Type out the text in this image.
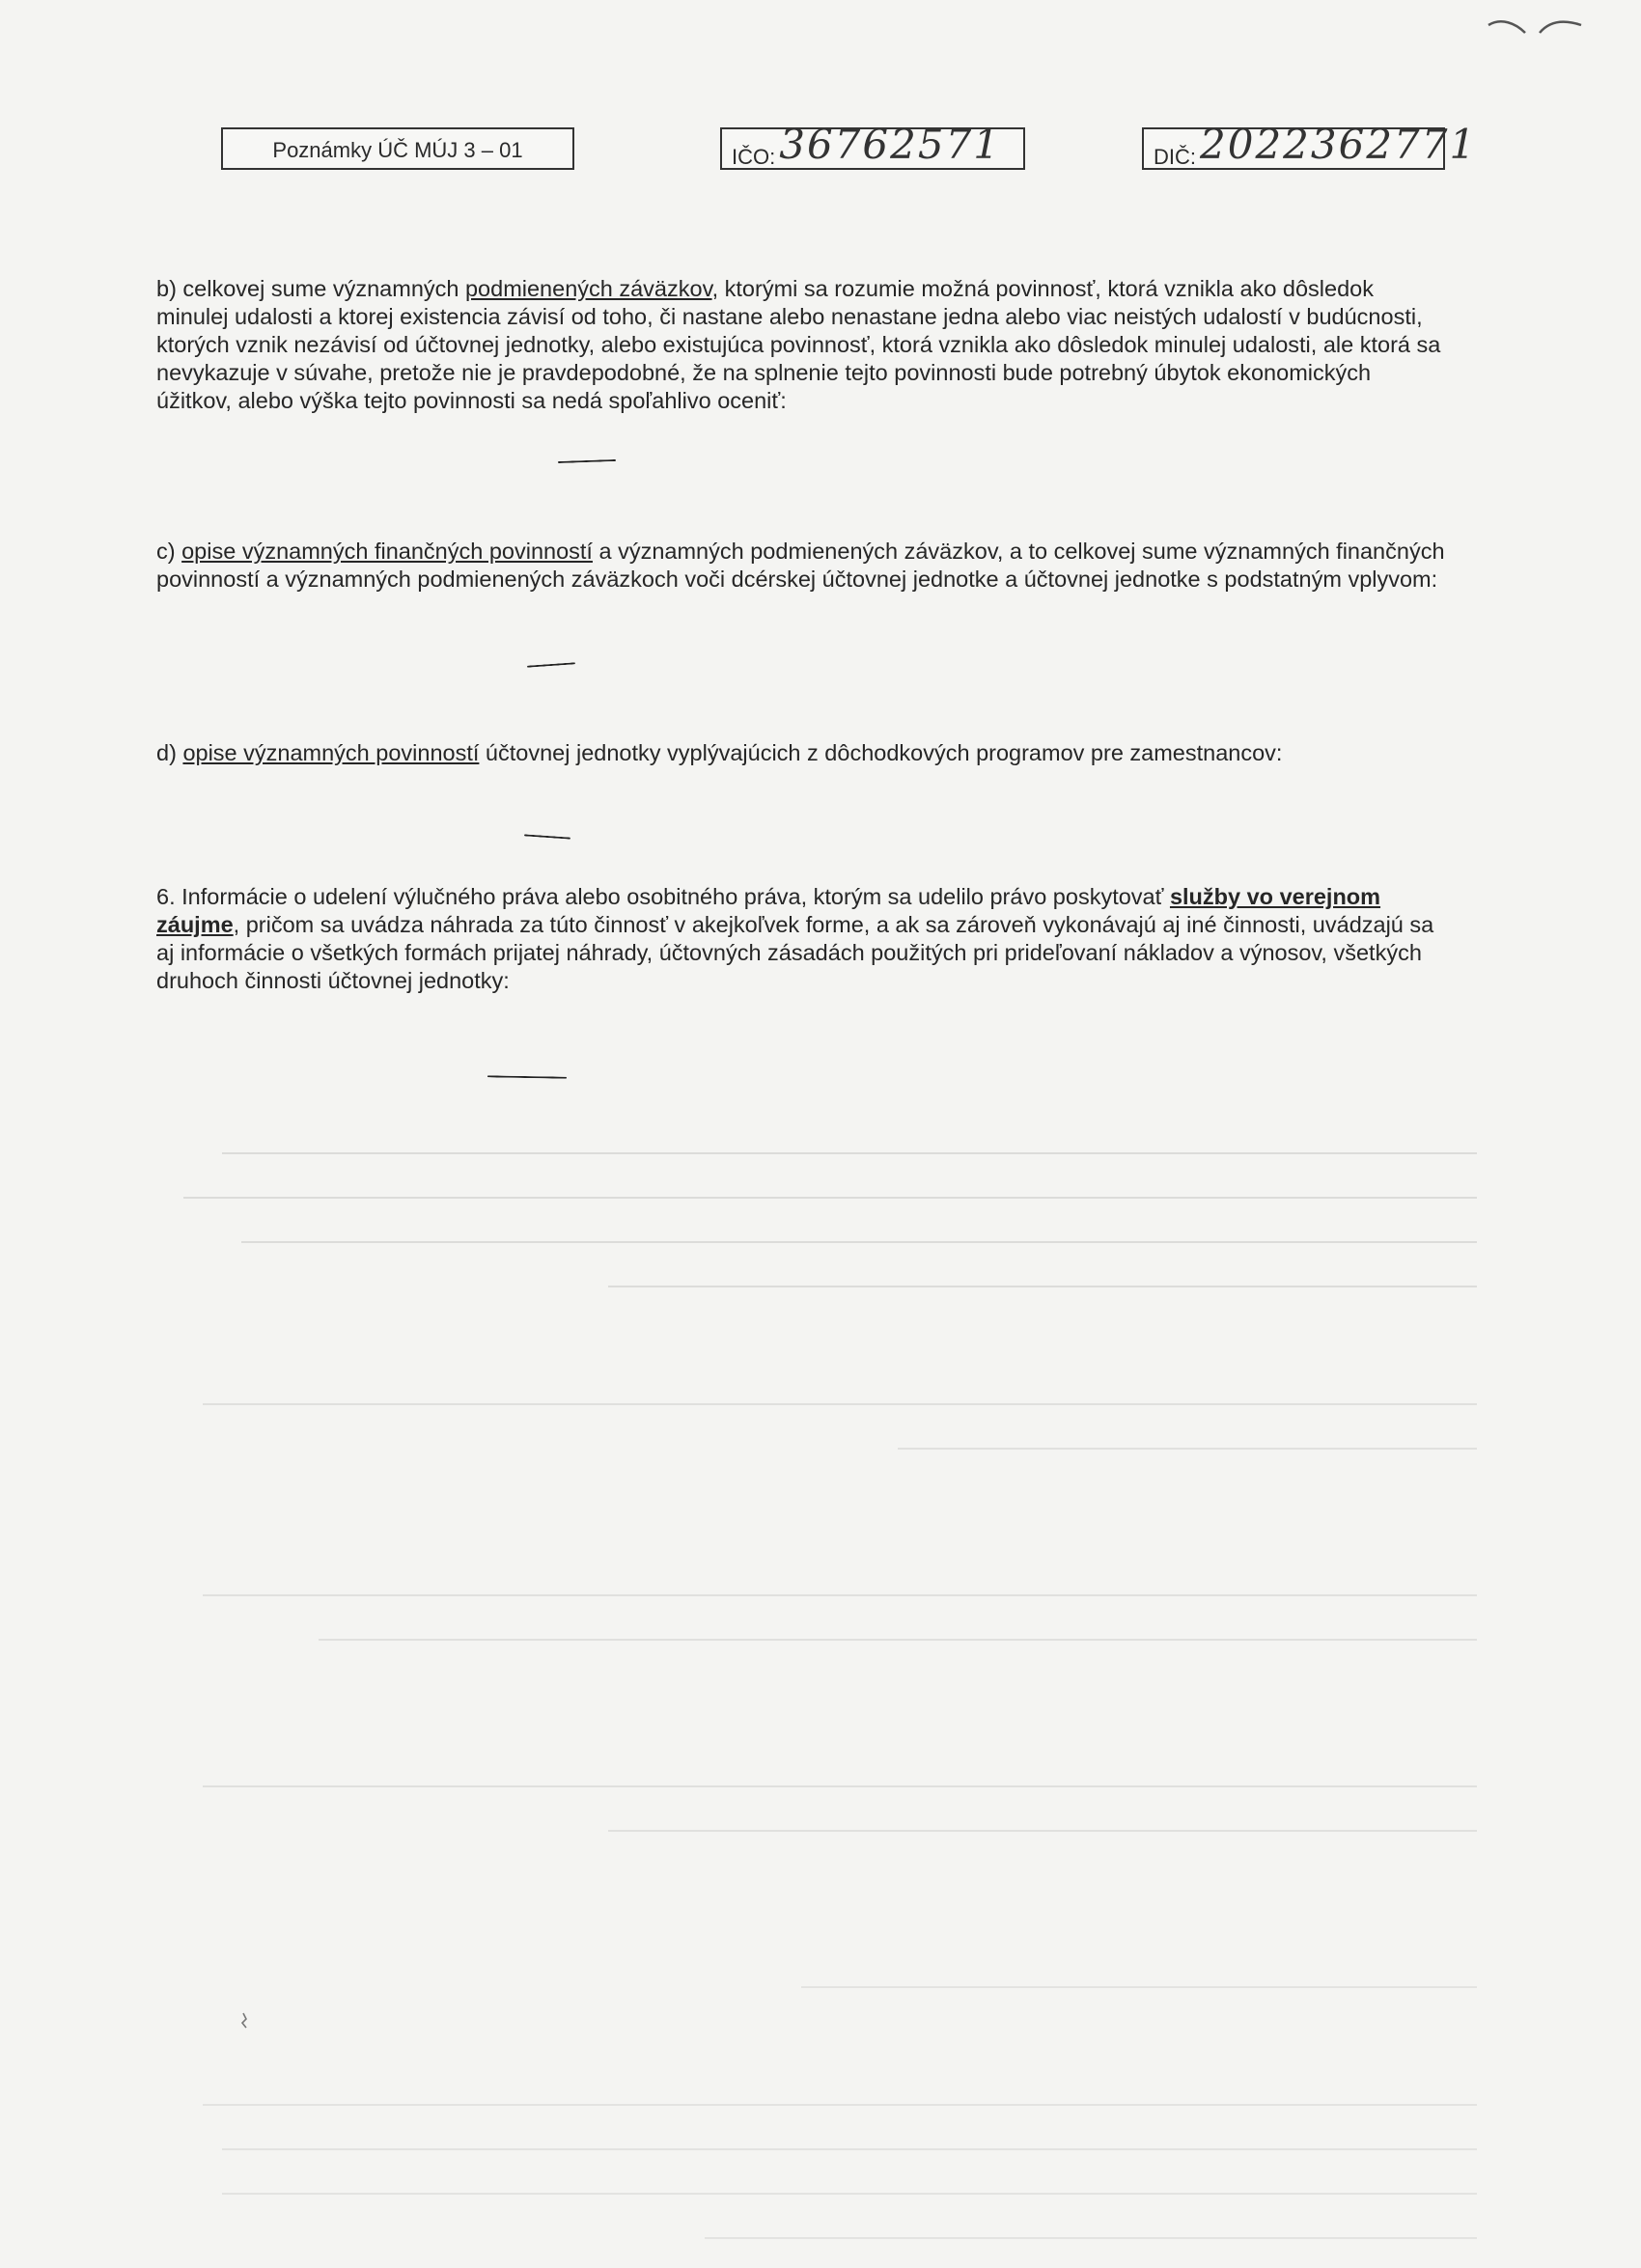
Poznámky ÚČ MÚJ 3 – 01	IČO:36762571	DIČ:2022362771

b) celkovej sume významných podmienených záväzkov, ktorými sa rozumie možná povinnosť, ktorá vznikla ako dôsledok minulej udalosti a ktorej existencia závisí od toho, či nastane alebo nenastane jedna alebo viac neistých udalostí v budúcnosti, ktorých vznik nezávisí od účtovnej jednotky, alebo existujúca povinnosť, ktorá vznikla ako dôsledok minulej udalosti, ale ktorá sa nevykazuje v súvahe, pretože nie je pravdepodobné, že na splnenie tejto povinnosti bude potrebný úbytok ekonomických úžitkov, alebo výška tejto povinnosti sa nedá spoľahlivo oceniť:

c) opise významných finančných povinností a významných podmienených záväzkov, a to celkovej sume významných finančných povinností a významných podmienených záväzkoch voči dcérskej účtovnej jednotke a účtovnej jednotke s podstatným vplyvom:

d) opise významných povinností účtovnej jednotky vyplývajúcich z dôchodkových programov pre zamestnancov:

6. Informácie o udelení výlučného práva alebo osobitného práva, ktorým sa udelilo právo poskytovať služby vo verejnom záujme, pričom sa uvádza náhrada za túto činnosť v akejkoľvek forme, a ak sa zároveň vykonávajú aj iné činnosti, uvádzajú sa aj informácie o všetkých formách prijatej náhrady, účtovných zásadách použitých pri prideľovaní nákladov a výnosov, všetkých druhoch činnosti účtovnej jednotky:
